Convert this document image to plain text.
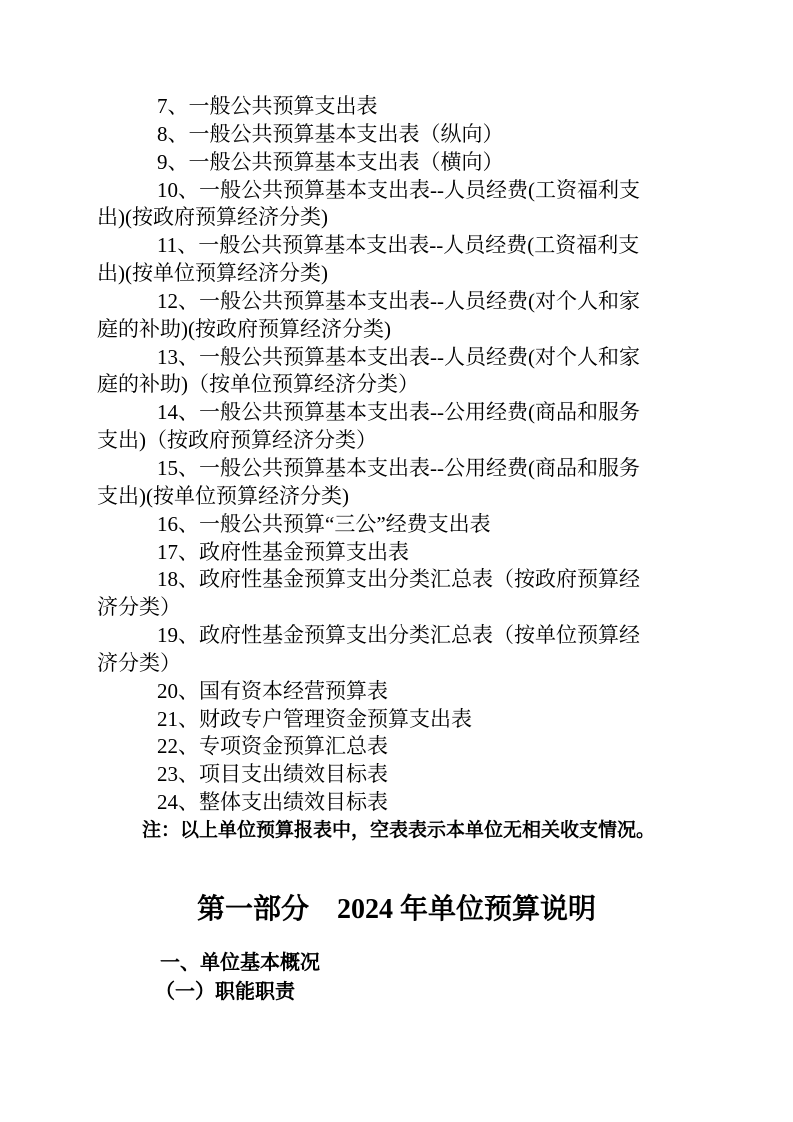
7、一般公共预算支出表
8、一般公共预算基本支出表（纵向）
9、一般公共预算基本支出表（横向）
10、一般公共预算基本支出表--人员经费(工资福利支
出)(按政府预算经济分类)
11、一般公共预算基本支出表--人员经费(工资福利支
出)(按单位预算经济分类)
12、一般公共预算基本支出表--人员经费(对个人和家
庭的补助)(按政府预算经济分类)
13、一般公共预算基本支出表--人员经费(对个人和家
庭的补助)（按单位预算经济分类）
14、一般公共预算基本支出表--公用经费(商品和服务
支出)（按政府预算经济分类）
15、一般公共预算基本支出表--公用经费(商品和服务
支出)(按单位预算经济分类)
16、一般公共预算“三公”经费支出表
17、政府性基金预算支出表
18、政府性基金预算支出分类汇总表（按政府预算经
济分类）
19、政府性基金预算支出分类汇总表（按单位预算经
济分类）
20、国有资本经营预算表
21、财政专户管理资金预算支出表
22、专项资金预算汇总表
23、项目支出绩效目标表
24、整体支出绩效目标表
注：以上单位预算报表中，空表表示本单位无相关收支情况。
第一部分　2024 年单位预算说明
一、单位基本概况
（一）职能职责
